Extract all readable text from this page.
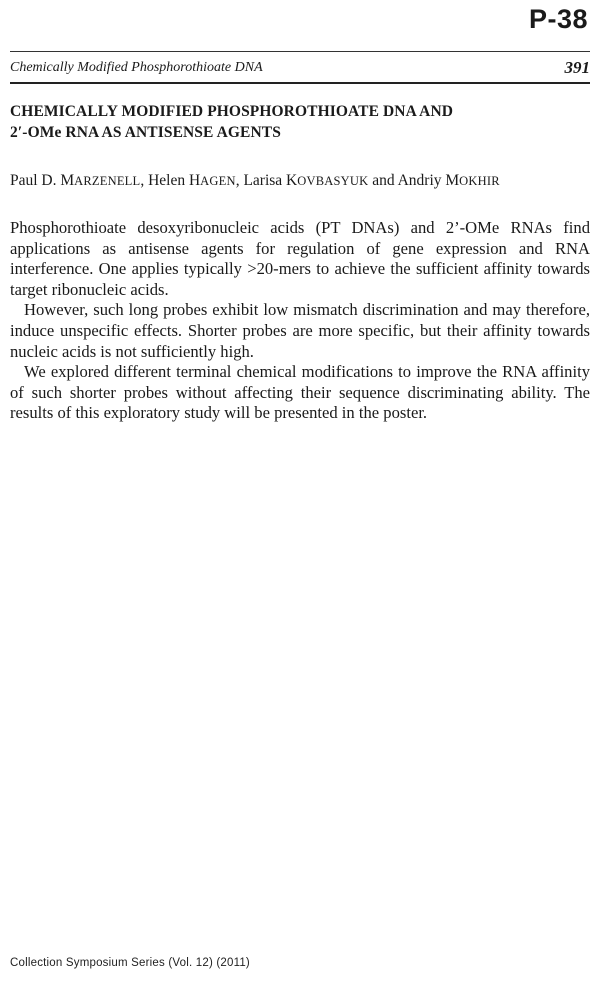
P-38
Chemically Modified Phosphorothioate DNA	391
CHEMICALLY MODIFIED PHOSPHOROTHIOATE DNA AND
2′-OMe RNA AS ANTISENSE AGENTS
Paul D. MARZENELL, Helen HAGEN, Larisa KOVBASYUK and Andriy MOKHIR

Phosphorothioate desoxyribonucleic acids (PT DNAs) and 2’-OMe RNAs find applications as antisense agents for regulation of gene expression and RNA interference. One applies typically >20-mers to achieve the sufficient affinity towards target ribonucleic acids.

However, such long probes exhibit low mismatch discrimination and may therefore, induce unspecific effects. Shorter probes are more specific, but their affinity towards nucleic acids is not sufficiently high.

We explored different terminal chemical modifications to improve the RNA affinity of such shorter probes without affecting their sequence discriminating ability. The results of this exploratory study will be presented in the poster.

Collection Symposium Series (Vol. 12) (2011)
